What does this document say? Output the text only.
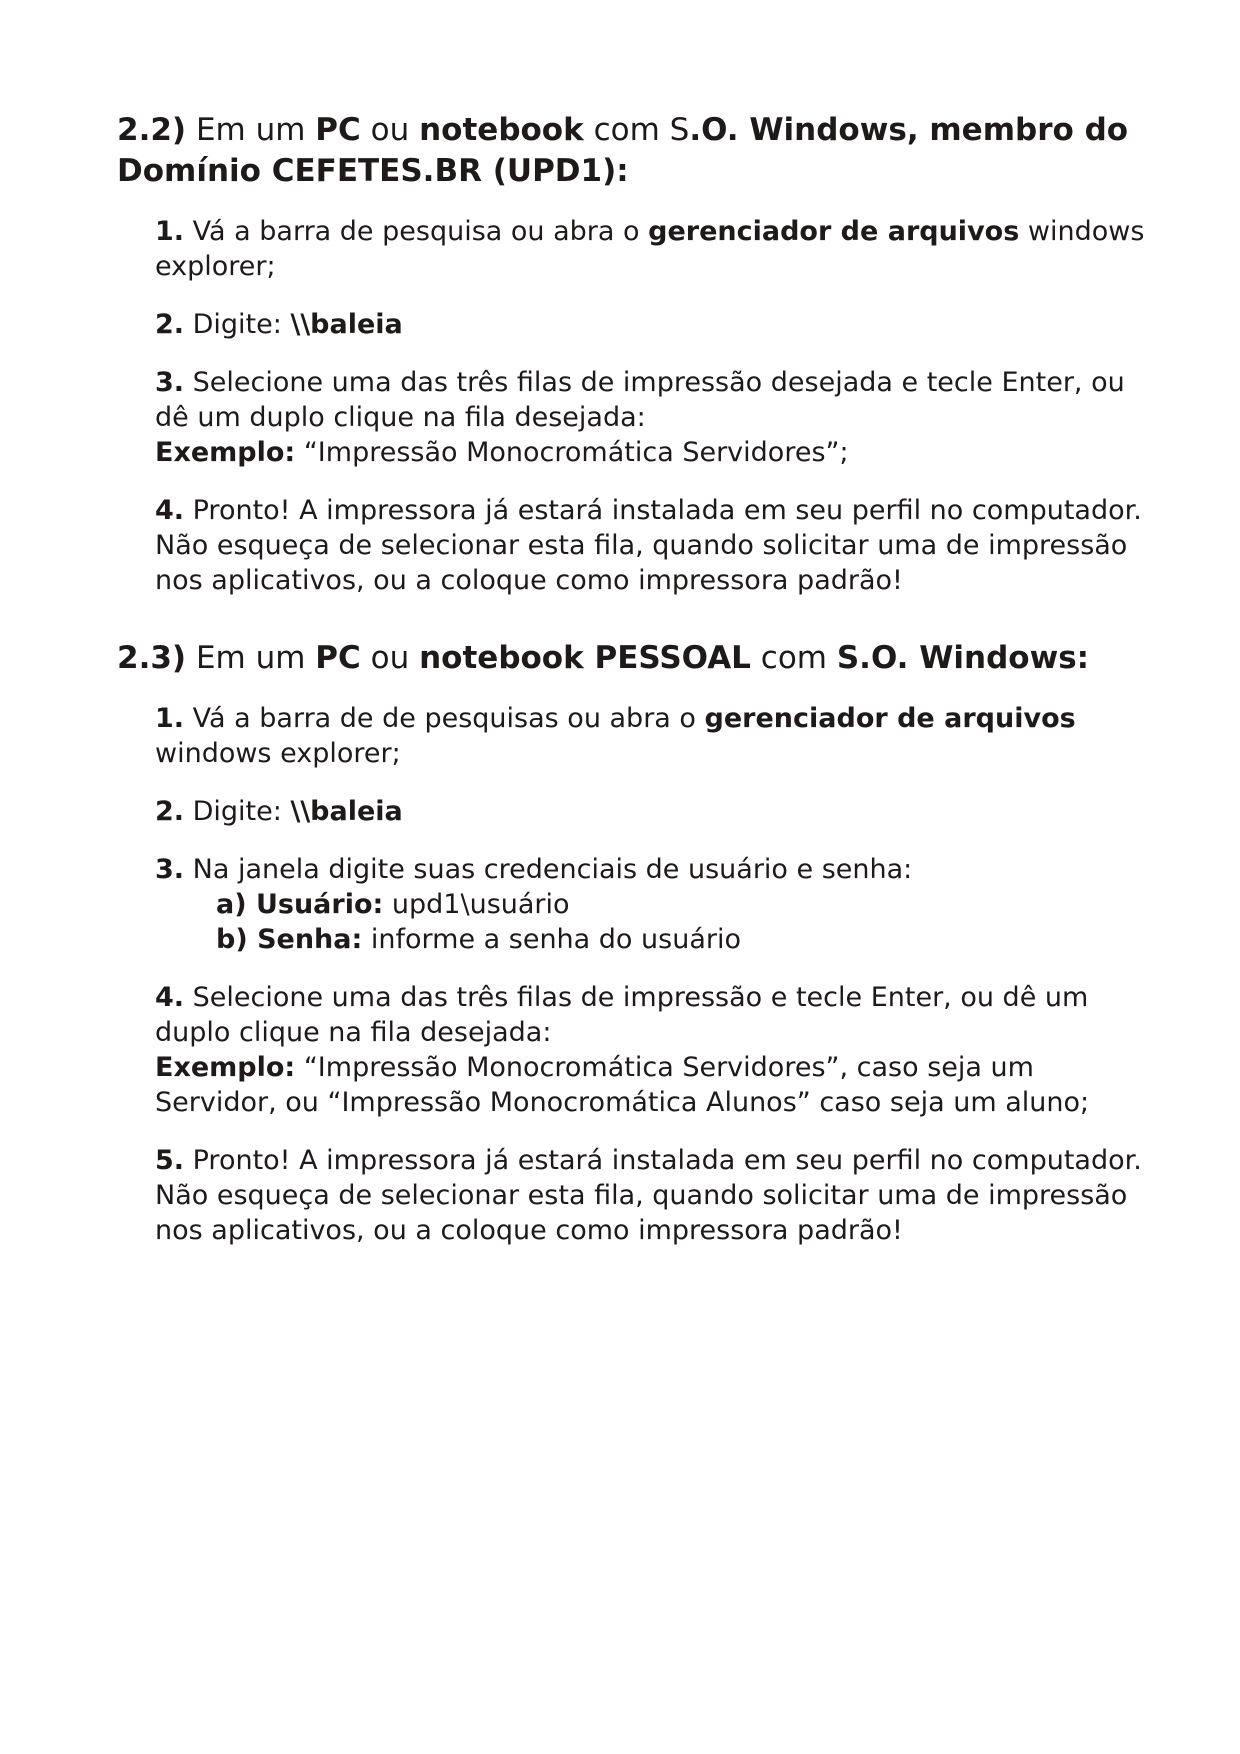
2.2) Em um PC ou notebook com S.O. Windows, membro do Domínio CEFETES.BR (UPD1):
1. Vá a barra de pesquisa ou abra o gerenciador de arquivos windows explorer;
2. Digite: \\baleia
3. Selecione uma das três filas de impressão desejada e tecle Enter, ou dê um duplo clique na fila desejada:
Exemplo: “Impressão Monocromática Servidores”;
4. Pronto! A impressora já estará instalada em seu perfil no computador. Não esqueça de selecionar esta fila, quando solicitar uma de impressão nos aplicativos, ou a coloque como impressora padrão!
2.3) Em um PC ou notebook PESSOAL com S.O. Windows:
1. Vá a barra de de pesquisas ou abra o gerenciador de arquivos windows explorer;
2. Digite: \\baleia
3. Na janela digite suas credenciais de usuário e senha:
a) Usuário: upd1\usuário
b) Senha: informe a senha do usuário
4. Selecione uma das três filas de impressão e tecle Enter, ou dê um duplo clique na fila desejada:
Exemplo: “Impressão Monocromática Servidores”, caso seja um Servidor, ou “Impressão Monocromática Alunos” caso seja um aluno;
5. Pronto! A impressora já estará instalada em seu perfil no computador. Não esqueça de selecionar esta fila, quando solicitar uma de impressão nos aplicativos, ou a coloque como impressora padrão!
